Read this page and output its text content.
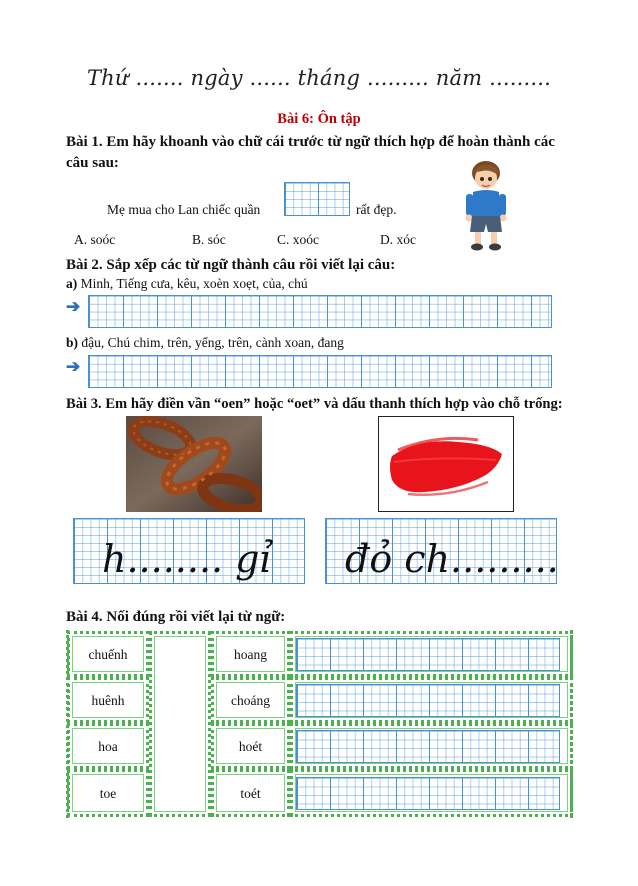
Thứ ....... ngày ...... tháng ......... năm .........
Bài 6: Ôn tập
Bài 1. Em hãy khoanh vào chữ cái trước từ ngữ thích hợp để hoàn thành các
câu sau:
Mẹ mua cho Lan chiếc quần	rất đẹp.
A. soóc	B. sóc	C. xoóc	D. xóc
Bài 2. Sắp xếp các từ ngữ thành câu rồi viết lại câu:
a) Minh, Tiếng cưa, kêu, xoèn xoẹt, của, chú
➔
b) đậu, Chú chim, trên, yểng, trên, cành xoan, đang
➔
Bài 3. Em hãy điền vần “oen” hoặc “oet” và dấu thanh thích hợp vào chỗ trống:
h........ gỉ đỏ ch.........
Bài 4. Nối đúng rồi viết lại từ ngữ:
chuếnh
huênh
hoa
toe
hoang
choáng
hoét
toét
